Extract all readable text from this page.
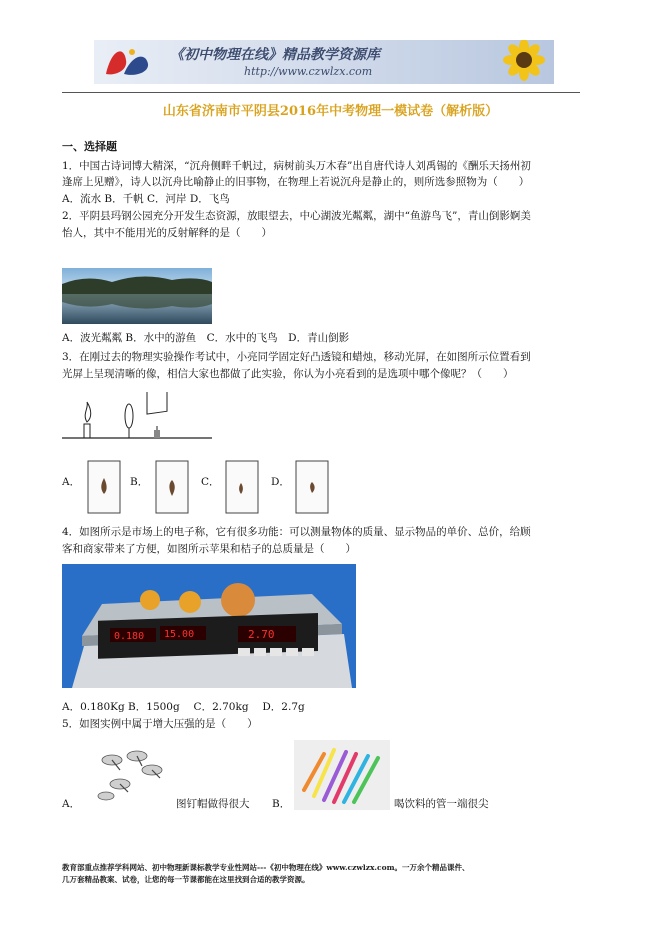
《初中物理在线》精品教学资源库
http://www.czwlzx.com
山东省济南市平阴县2016年中考物理一模试卷（解析版）
一、选择题
1．中国古诗词博大精深，“沉舟侧畔千帆过，病树前头万木春”出自唐代诗人刘禹锡的《酬乐天扬州初
逢席上见赠》，诗人以沉舟比喻静止的旧事物，在物理上若说沉舟是静止的，则所选参照物为（　　）
A．流水 B．千帆 C．河岸 D．飞鸟
2．平阴县玛钢公园充分开发生态资源，放眼望去，中心湖波光粼粼，湖中“鱼游鸟飞”，青山倒影婀美
怡人，其中不能用光的反射解释的是（　　）
A．波光粼粼 B．水中的游鱼　C．水中的飞鸟　D．青山倒影
3．在刚过去的物理实验操作考试中，小亮同学固定好凸透镜和蜡烛，移动光屏，在如图所示位置看到
光屏上呈现清晰的像，相信大家也都做了此实验，你认为小亮看到的是选项中哪个像呢？（　　）
A．	B．	C．	D．
4．如图所示是市场上的电子称，它有很多功能：可以测量物体的质量、显示物品的单价、总价，给顾
客和商家带来了方便，如图所示苹果和桔子的总质量是（　　）
0.180 15.00	2.70
A．0.180Kg B．1500g　 C．2.70kg　 D．2.7g
5．如图实例中属于增大压强的是（　　）
A．	图钉帽做得很大 B．	喝饮料的管一端很尖
教育部重点推荐学科网站、初中物理新课标教学专业性网站---《初中物理在线》www.czwlzx.com。一万余个精品课件、
几万套精品教案、试卷，让您的每一节课都能在这里找到合适的教学资源。
